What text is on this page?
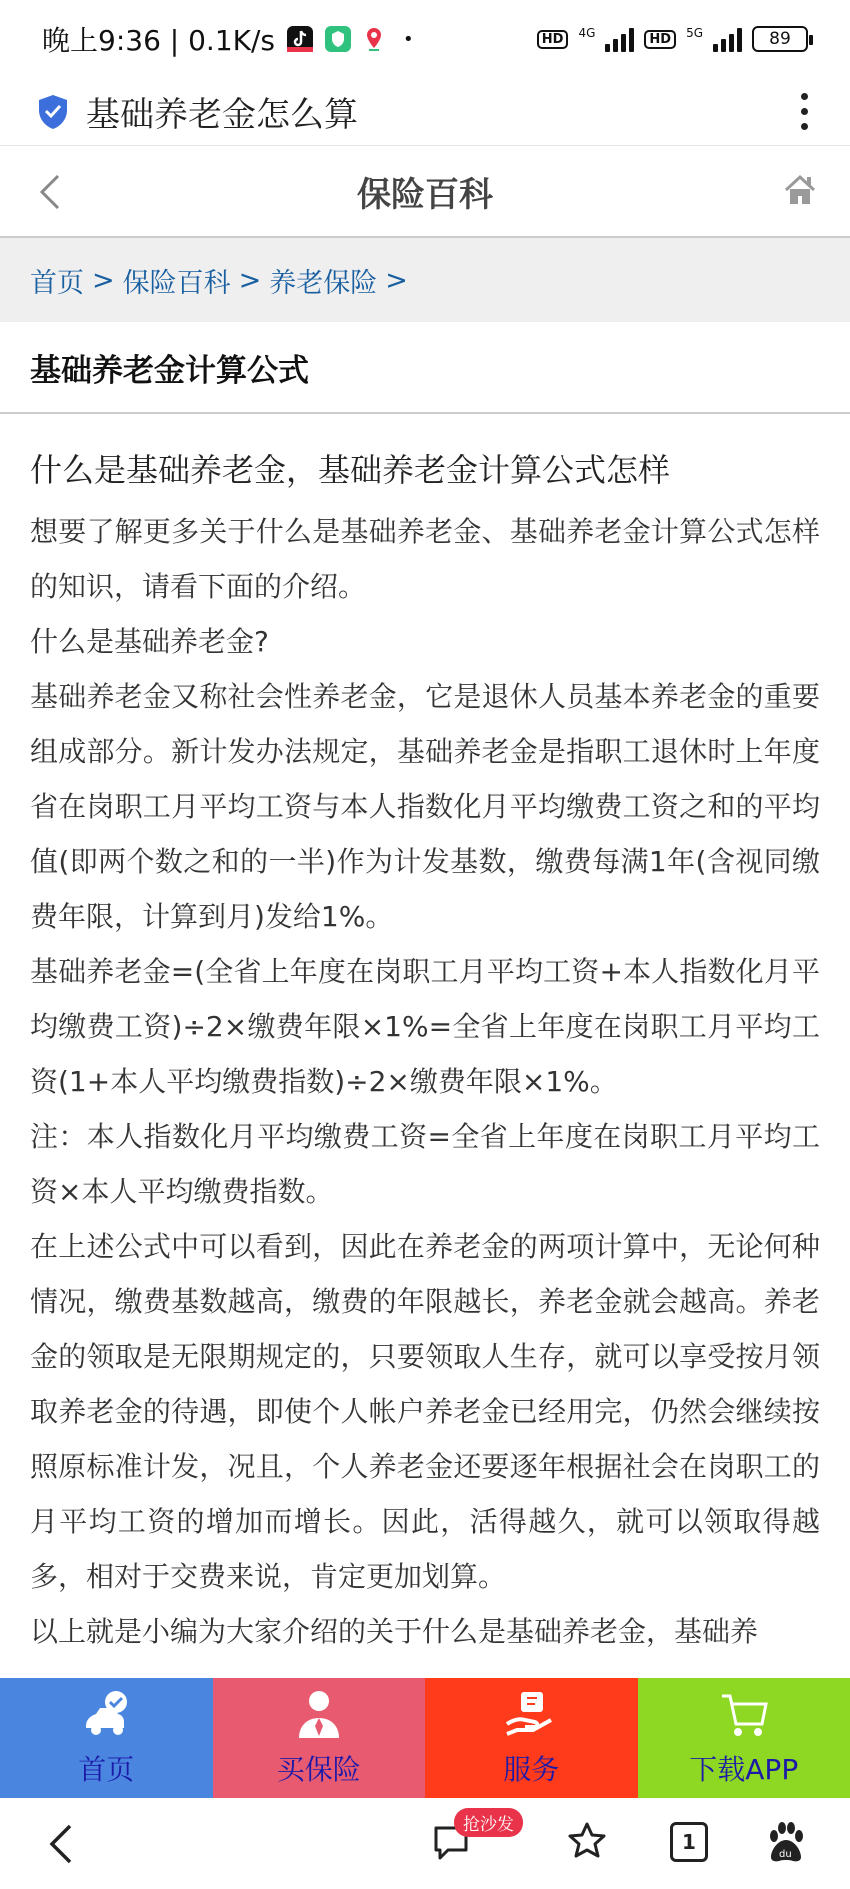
晚上9:36 | 0.1K/s	•	HD	4G	HD	5G	89
基础养老金怎么算
保险百科
首页 > 保险百科 > 养老保险 >
基础养老金计算公式
什么是基础养老金，基础养老金计算公式怎样

想要了解更多关于什么是基础养老金、基础养老金计算公式怎样的知识，请看下面的介绍。

什么是基础养老金?

基础养老金又称社会性养老金，它是退休人员基本养老金的重要组成部分。新计发办法规定，基础养老金是指职工退休时上年度省在岗职工月平均工资与本人指数化月平均缴费工资之和的平均值(即两个数之和的一半)作为计发基数，缴费每满1年(含视同缴费年限，计算到月)发给1%。

基础养老金=(全省上年度在岗职工月平均工资+本人指数化月平均缴费工资)÷2×缴费年限×1%=全省上年度在岗职工月平均工资(1+本人平均缴费指数)÷2×缴费年限×1%。

注：本人指数化月平均缴费工资=全省上年度在岗职工月平均工资×本人平均缴费指数。

在上述公式中可以看到，因此在养老金的两项计算中，无论何种情况，缴费基数越高，缴费的年限越长，养老金就会越高。养老金的领取是无限期规定的，只要领取人生存，就可以享受按月领取养老金的待遇，即使个人帐户养老金已经用完，仍然会继续按照原标准计发，况且，个人养老金还要逐年根据社会在岗职工的月平均工资的增加而增长。因此，活得越久，就可以领取得越多，相对于交费来说，肯定更加划算。

以上就是小编为大家介绍的关于什么是基础养老金，基础养

首页	买保险	服务	下载APP
抢沙发
1
du
